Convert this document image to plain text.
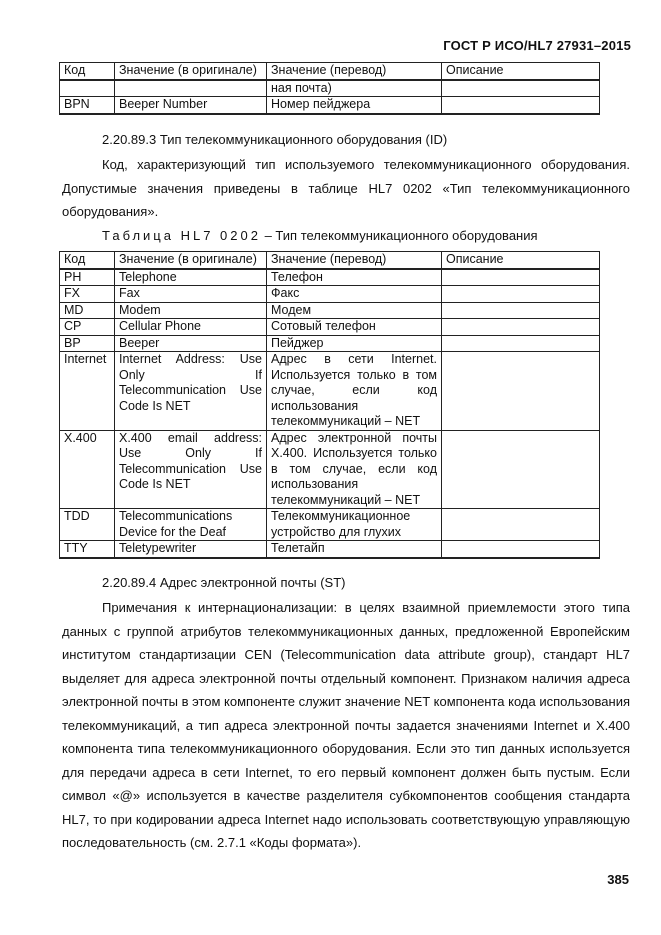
ГОСТ Р ИСО/HL7 27931–2015
Код	Значение (в оригинале)	Значение (перевод)	Описание
		ная почта)	
BPN	Beeper Number	Номер пейджера	
2.20.89.3 Тип телекоммуникационного оборудования (ID)
Код, характеризующий тип используемого телекоммуникационного оборудования. Допустимые значения приведены в таблице HL7 0202 «Тип телекоммуникационного оборудования».
Таблица HL7 0202 – Тип телекоммуникационного оборудования
Код	Значение (в оригинале)	Значение (перевод)	Описание
PH	Telephone	Телефон	
FX	Fax	Факс	
MD	Modem	Модем	
CP	Cellular Phone	Сотовый телефон	
BP	Beeper	Пейджер	
Internet	Internet Address: Use Only If Telecommunication Use Code Is NET	Адрес в сети Internet. Используется только в том случае, если код использования телекоммуникаций – NET	
X.400	X.400 email address: Use Only If Telecommunication Use Code Is NET	Адрес электронной почты X.400. Используется только в том случае, если код использования телекоммуникаций – NET	
TDD	Telecommunications Device for the Deaf	Телекоммуникационное устройство для глухих	
TTY	Teletypewriter	Телетайп	
2.20.89.4 Адрес электронной почты (ST)
Примечания к интернационализации: в целях взаимной приемлемости этого типа данных с группой атрибутов телекоммуникационных данных, предложенной Европейским институтом стандартизации CEN (Telecommunication data attribute group), стандарт HL7 выделяет для адреса электронной почты отдельный компонент. Признаком наличия адреса электронной почты в этом компоненте служит значение NET компонента кода использования телекоммуникаций, а тип адреса электронной почты задается значениями Internet и X.400 компонента типа телекоммуникационного оборудования. Если это тип данных используется для передачи адреса в сети Internet, то его первый компонент должен быть пустым. Если символ «@» используется в качестве разделителя субкомпонентов сообщения стандарта HL7, то при кодировании адреса Internet надо использовать соответствующую управляющую последовательность (см. 2.7.1 «Коды формата»).
385
